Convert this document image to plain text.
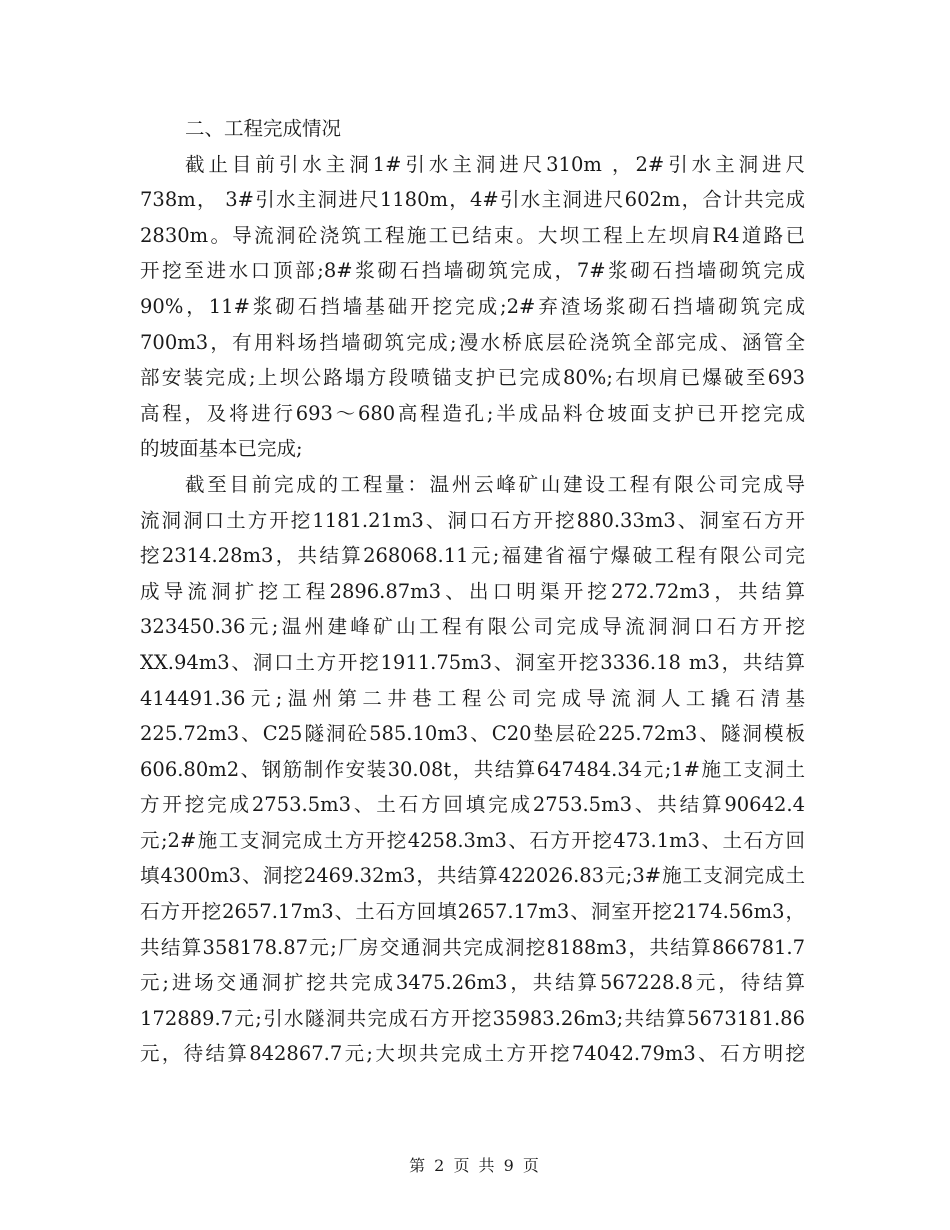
二、工程完成情况
截止目前引水主洞1#引水主洞进尺310m ，2#引水主洞进尺
738m， 3#引水主洞进尺1180m，4#引水主洞进尺602m，合计共完成
2830m。导流洞砼浇筑工程施工已结束。大坝工程上左坝肩R4道路已
开挖至进水口顶部;8#浆砌石挡墙砌筑完成，7#浆砌石挡墙砌筑完成
90%，11#浆砌石挡墙基础开挖完成;2#弃渣场浆砌石挡墙砌筑完成
700m3，有用料场挡墙砌筑完成;漫水桥底层砼浇筑全部完成、涵管全
部安装完成;上坝公路塌方段喷锚支护已完成80%;右坝肩已爆破至693
高程，及将进行693～680高程造孔;半成品料仓坡面支护已开挖完成
的坡面基本已完成;
截至目前完成的工程量：温州云峰矿山建设工程有限公司完成导
流洞洞口土方开挖1181.21m3、洞口石方开挖880.33m3、洞室石方开
挖2314.28m3，共结算268068.11元;福建省福宁爆破工程有限公司完
成导流洞扩挖工程2896.87m3、出口明渠开挖272.72m3，共结算
323450.36元;温州建峰矿山工程有限公司完成导流洞洞口石方开挖
XX.94m3、洞口土方开挖1911.75m3、洞室开挖3336.18 m3，共结算
414491.36元;温州第二井巷工程公司完成导流洞人工撬石清基
225.72m3、C25隧洞砼585.10m3、C20垫层砼225.72m3、隧洞模板
606.80m2、钢筋制作安装30.08t，共结算647484.34元;1#施工支洞土
方开挖完成2753.5m3、土石方回填完成2753.5m3、共结算90642.4
元;2#施工支洞完成土方开挖4258.3m3、石方开挖473.1m3、土石方回
填4300m3、洞挖2469.32m3，共结算422026.83元;3#施工支洞完成土
石方开挖2657.17m3、土石方回填2657.17m3、洞室开挖2174.56m3，
共结算358178.87元;厂房交通洞共完成洞挖8188m3，共结算866781.7
元;进场交通洞扩挖共完成3475.26m3，共结算567228.8元，待结算
172889.7元;引水隧洞共完成石方开挖35983.26m3;共结算5673181.86
元，待结算842867.7元;大坝共完成土方开挖74042.79m3、石方明挖
第 2 页 共 9 页
